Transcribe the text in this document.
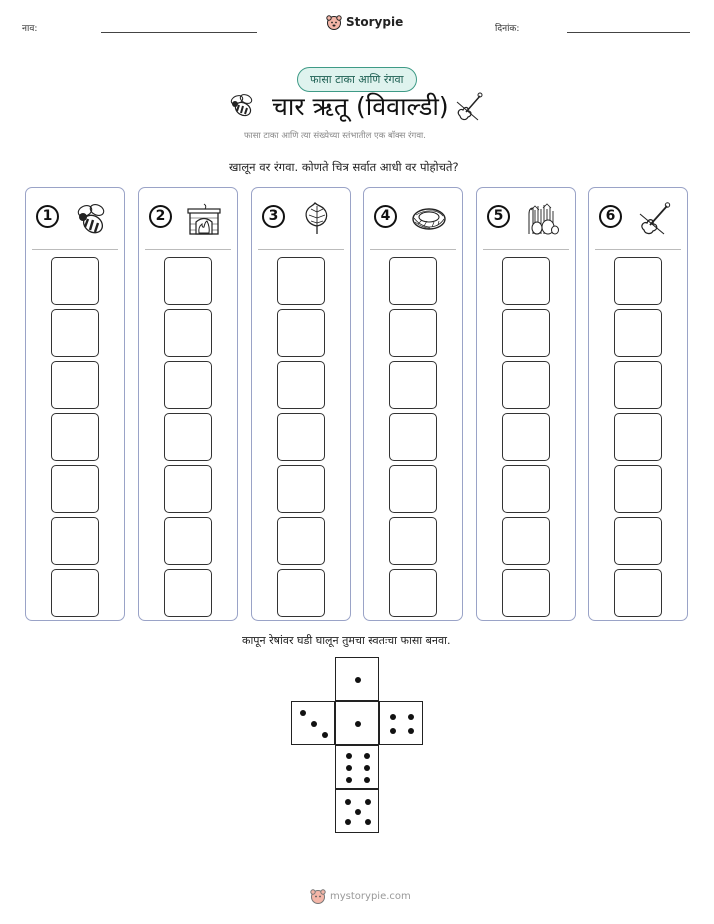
नाव:	Storypie	दिनांक:
फासा टाका आणि रंगवा
चार ऋतू (विवाल्डी)
फासा टाका आणि त्या संख्येच्या स्तंभातील एक बॉक्स रंगवा.
खालून वर रंगवा. कोणते चित्र सर्वात आधी वर पोहोचते?
1	2	3	4	5	6
कापून रेषांवर घडी घालून तुमचा स्वतःचा फासा बनवा.
mystorypie.com
